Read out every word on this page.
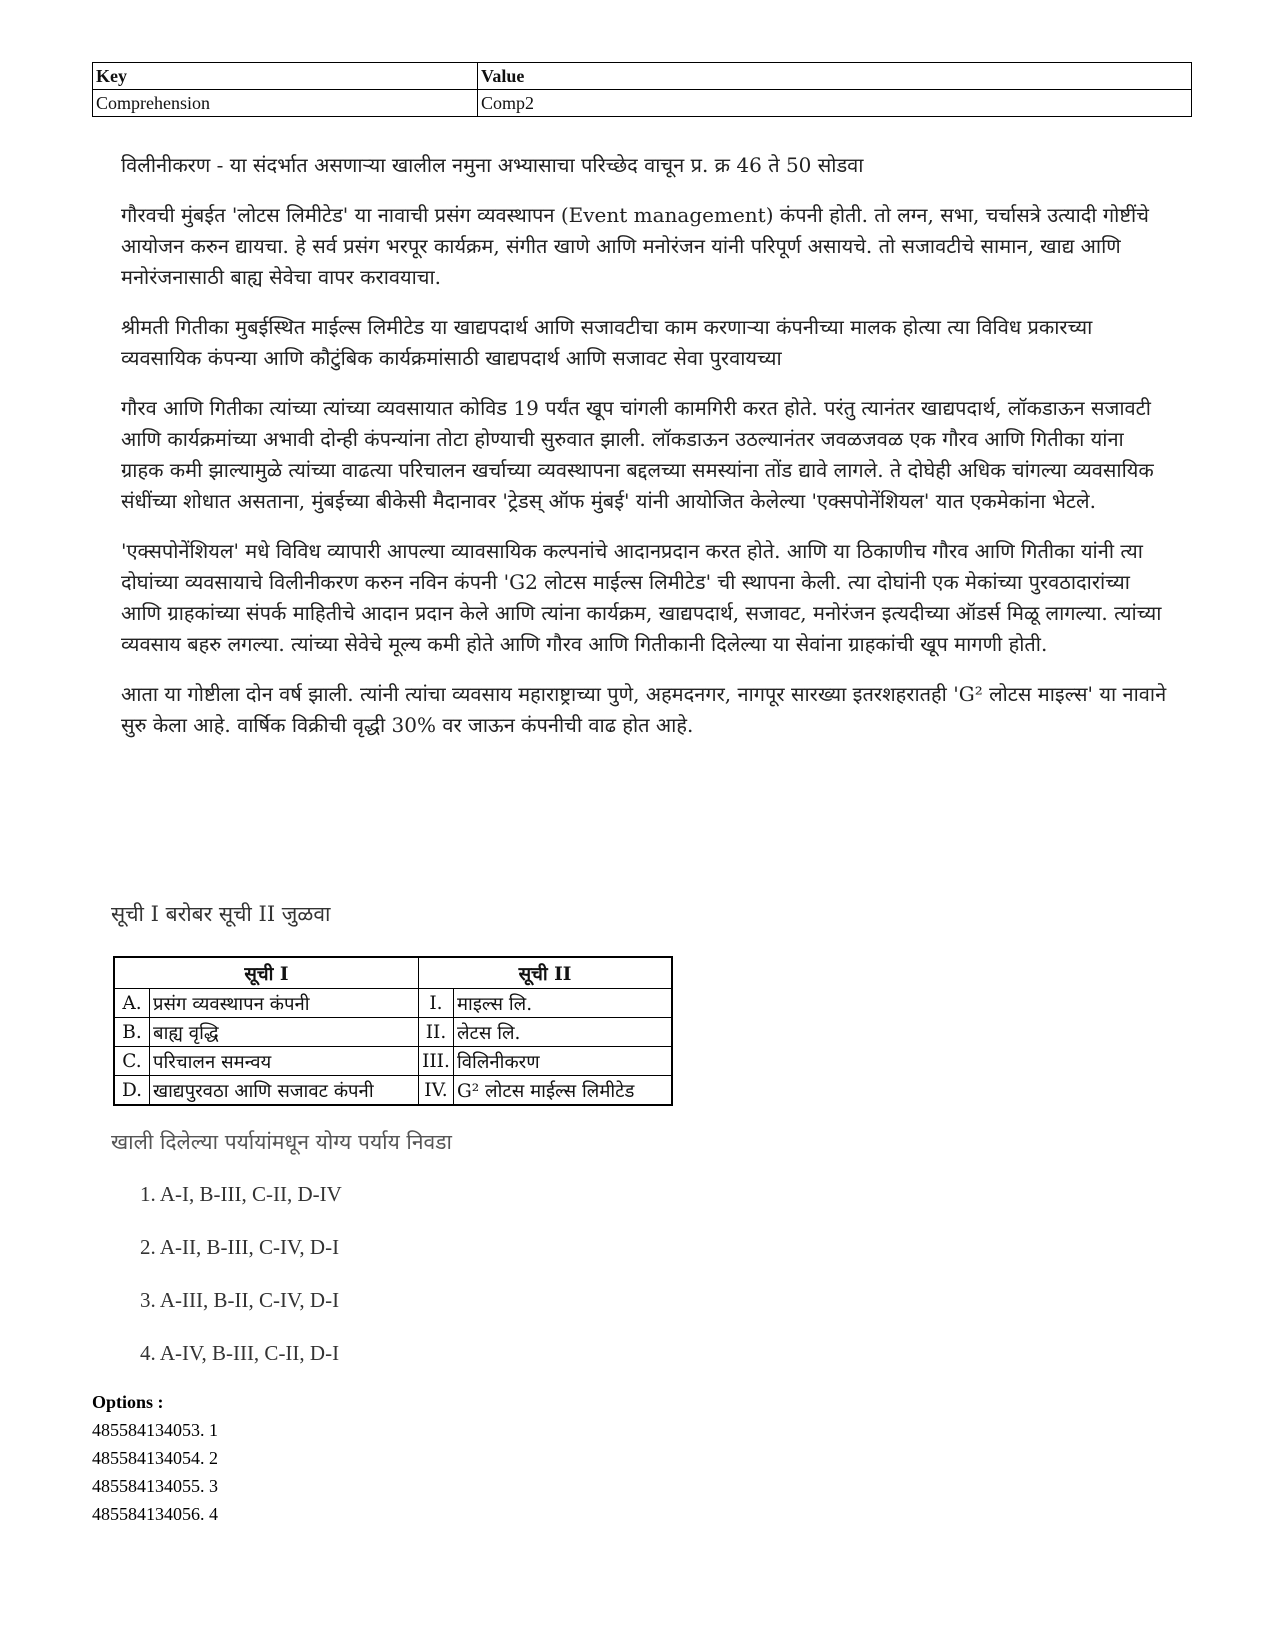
Key	Value
Comprehension	Comp2

विलीनीकरण - या संदर्भात असणाऱ्या खालील नमुना अभ्यासाचा परिच्छेद वाचून प्र. क्र 46 ते 50 सोडवा

गौरवची मुंबईत 'लोटस लिमीटेड' या नावाची प्रसंग व्यवस्थापन (Event management) कंपनी होती. तो लग्न, सभा, चर्चासत्रे उत्यादी गोष्टींचे आयोजन करुन द्यायचा. हे सर्व प्रसंग भरपूर कार्यक्रम, संगीत खाणे आणि मनोरंजन यांनी परिपूर्ण असायचे. तो सजावटीचे सामान, खाद्य आणि मनोरंजनासाठी बाह्य सेवेचा वापर करावयाचा.

श्रीमती गितीका मुबईस्थित माईल्स लिमीटेड या खाद्यपदार्थ आणि सजावटीचा काम करणाऱ्या कंपनीच्या मालक होत्या त्या विविध प्रकारच्या व्यवसायिक कंपन्या आणि कौटुंबिक कार्यक्रमांसाठी खाद्यपदार्थ आणि सजावट सेवा पुरवायच्या

गौरव आणि गितीका त्यांच्या त्यांच्या व्यवसायात कोविड 19 पर्यंत खूप चांगली कामगिरी करत होते. परंतु त्यानंतर खाद्यपदार्थ, लॉकडाऊन सजावटी आणि कार्यक्रमांच्या अभावी दोन्ही कंपन्यांना तोटा होण्याची सुरुवात झाली. लॉकडाऊन उठल्यानंतर जवळजवळ एक गौरव आणि गितीका यांना ग्राहक कमी झाल्यामुळे त्यांच्या वाढत्या परिचालन खर्चाच्या व्यवस्थापना बद्दलच्या समस्यांना तोंड द्यावे लागले. ते दोघेही अधिक चांगल्या व्यवसायिक संधींच्या शोधात असताना, मुंबईच्या बीकेसी मैदानावर 'ट्रेडस् ऑफ मुंबई' यांनी आयोजित केलेल्या 'एक्सपोनेंशियल' यात एकमेकांना भेटले.

'एक्सपोनेंशियल' मधे विविध व्यापारी आपल्या व्यावसायिक कल्पनांचे आदानप्रदान करत होते. आणि या ठिकाणीच गौरव आणि गितीका यांनी त्या दोघांच्या व्यवसायाचे विलीनीकरण करुन नविन कंपनी 'G2 लोटस माईल्स लिमीटेड' ची स्थापना केली. त्या दोघांनी एक मेकांच्या पुरवठादारांच्या आणि ग्राहकांच्या संपर्क माहितीचे आदान प्रदान केले आणि त्यांना कार्यक्रम, खाद्यपदार्थ, सजावट, मनोरंजन इत्यदीच्या ऑडर्स मिळू लागल्या. त्यांच्या व्यवसाय बहरु लगल्या. त्यांच्या सेवेचे मूल्य कमी होते आणि गौरव आणि गितीकानी दिलेल्या या सेवांना ग्राहकांची खूप मागणी होती.

आता या गोष्टीला दोन वर्ष झाली. त्यांनी त्यांचा व्यवसाय महाराष्ट्राच्या पुणे, अहमदनगर, नागपूर सारख्या इतरशहरातही 'G² लोटस माइल्स' या नावाने सुरु केला आहे. वार्षिक विक्रीची वृद्धी 30% वर जाऊन कंपनीची वाढ होत आहे.

सूची I बरोबर सूची II जुळवा

सूची I		सूची II	
A.	प्रसंग व्यवस्थापन कंपनी	I.	माइल्स लि.
B.	बाह्य वृद्धि	II.	लेटस लि.
C.	परिचालन समन्वय	III.	विलिनीकरण
D.	खाद्यपुरवठा आणि सजावट कंपनी	IV.	G² लोटस माईल्स लिमीटेड

खाली दिलेल्या पर्यायांमधून योग्य पर्याय निवडा

1. A-I, B-III, C-II, D-IV
2. A-II, B-III, C-IV, D-I
3. A-III, B-II, C-IV, D-I
4. A-IV, B-III, C-II, D-I
Options :
485584134053. 1
485584134054. 2
485584134055. 3
485584134056. 4
